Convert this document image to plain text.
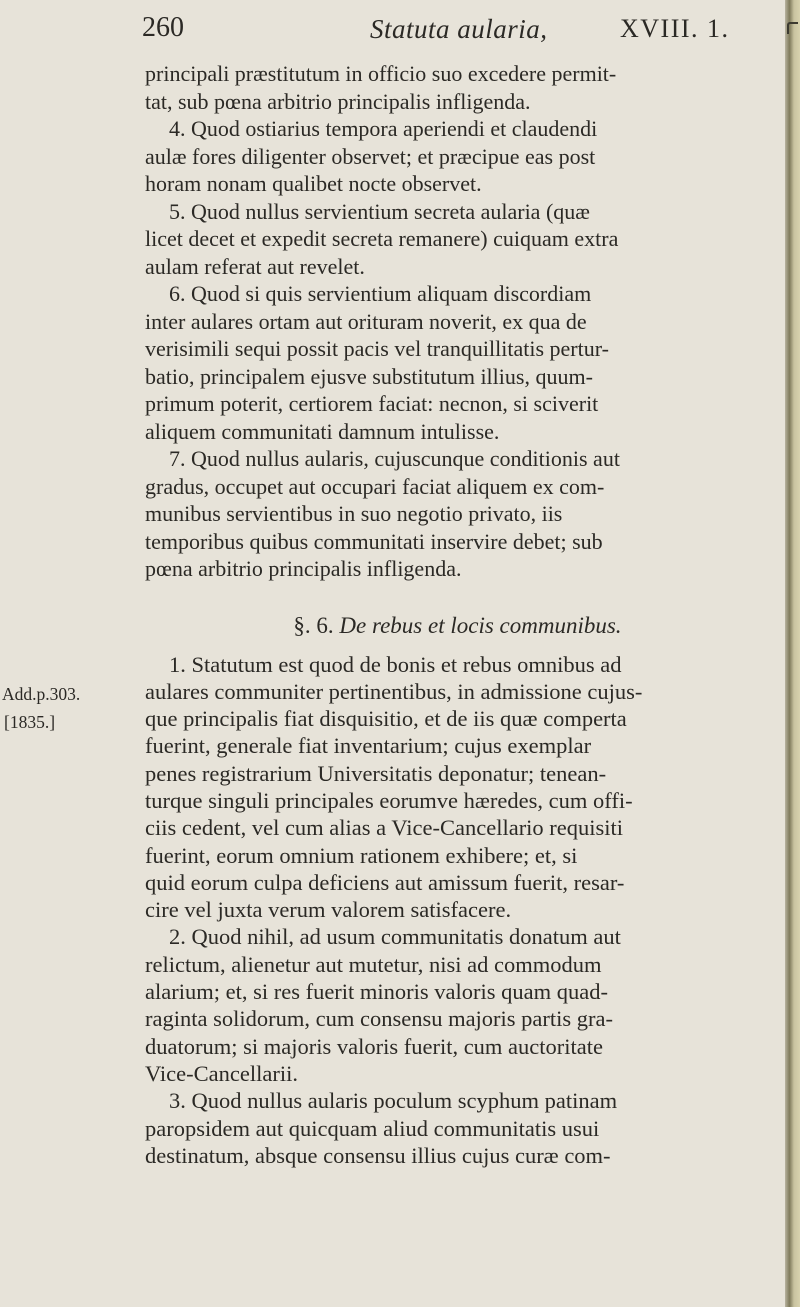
260	Statuta aularia,	XVIII. 1.
principali præstitutum in officio suo excedere permit-
tat, sub pœna arbitrio principalis infligenda.
4. Quod ostiarius tempora aperiendi et claudendi
aulæ fores diligenter observet; et præcipue eas post
horam nonam qualibet nocte observet.
5. Quod nullus servientium secreta aularia (quæ
licet decet et expedit secreta remanere) cuiquam extra
aulam referat aut revelet.
6. Quod si quis servientium aliquam discordiam
inter aulares ortam aut orituram noverit, ex qua de
verisimili sequi possit pacis vel tranquillitatis pertur-
batio, principalem ejusve substitutum illius, quum-
primum poterit, certiorem faciat: necnon, si sciverit
aliquem communitati damnum intulisse.
7. Quod nullus aularis, cujuscunque conditionis aut
gradus, occupet aut occupari faciat aliquem ex com-
munibus servientibus in suo negotio privato, iis
temporibus quibus communitati inservire debet; sub
pœna arbitrio principalis infligenda.
§. 6. De rebus et locis communibus.
1. Statutum est quod de bonis et rebus omnibus ad
aulares communiter pertinentibus, in admissione cujus-
que principalis fiat disquisitio, et de iis quæ comperta
fuerint, generale fiat inventarium; cujus exemplar
penes registrarium Universitatis deponatur; tenean-
turque singuli principales eorumve hæredes, cum offi-
ciis cedent, vel cum alias a Vice-Cancellario requisiti
fuerint, eorum omnium rationem exhibere; et, si
quid eorum culpa deficiens aut amissum fuerit, resar-
cire vel juxta verum valorem satisfacere.
2. Quod nihil, ad usum communitatis donatum aut
relictum, alienetur aut mutetur, nisi ad commodum
alarium; et, si res fuerit minoris valoris quam quad-
raginta solidorum, cum consensu majoris partis gra-
duatorum; si majoris valoris fuerit, cum auctoritate
Vice-Cancellarii.
3. Quod nullus aularis poculum scyphum patinam
paropsidem aut quicquam aliud communitatis usui
destinatum, absque consensu illius cujus curæ com-
Add.p.303.
[1835.]
